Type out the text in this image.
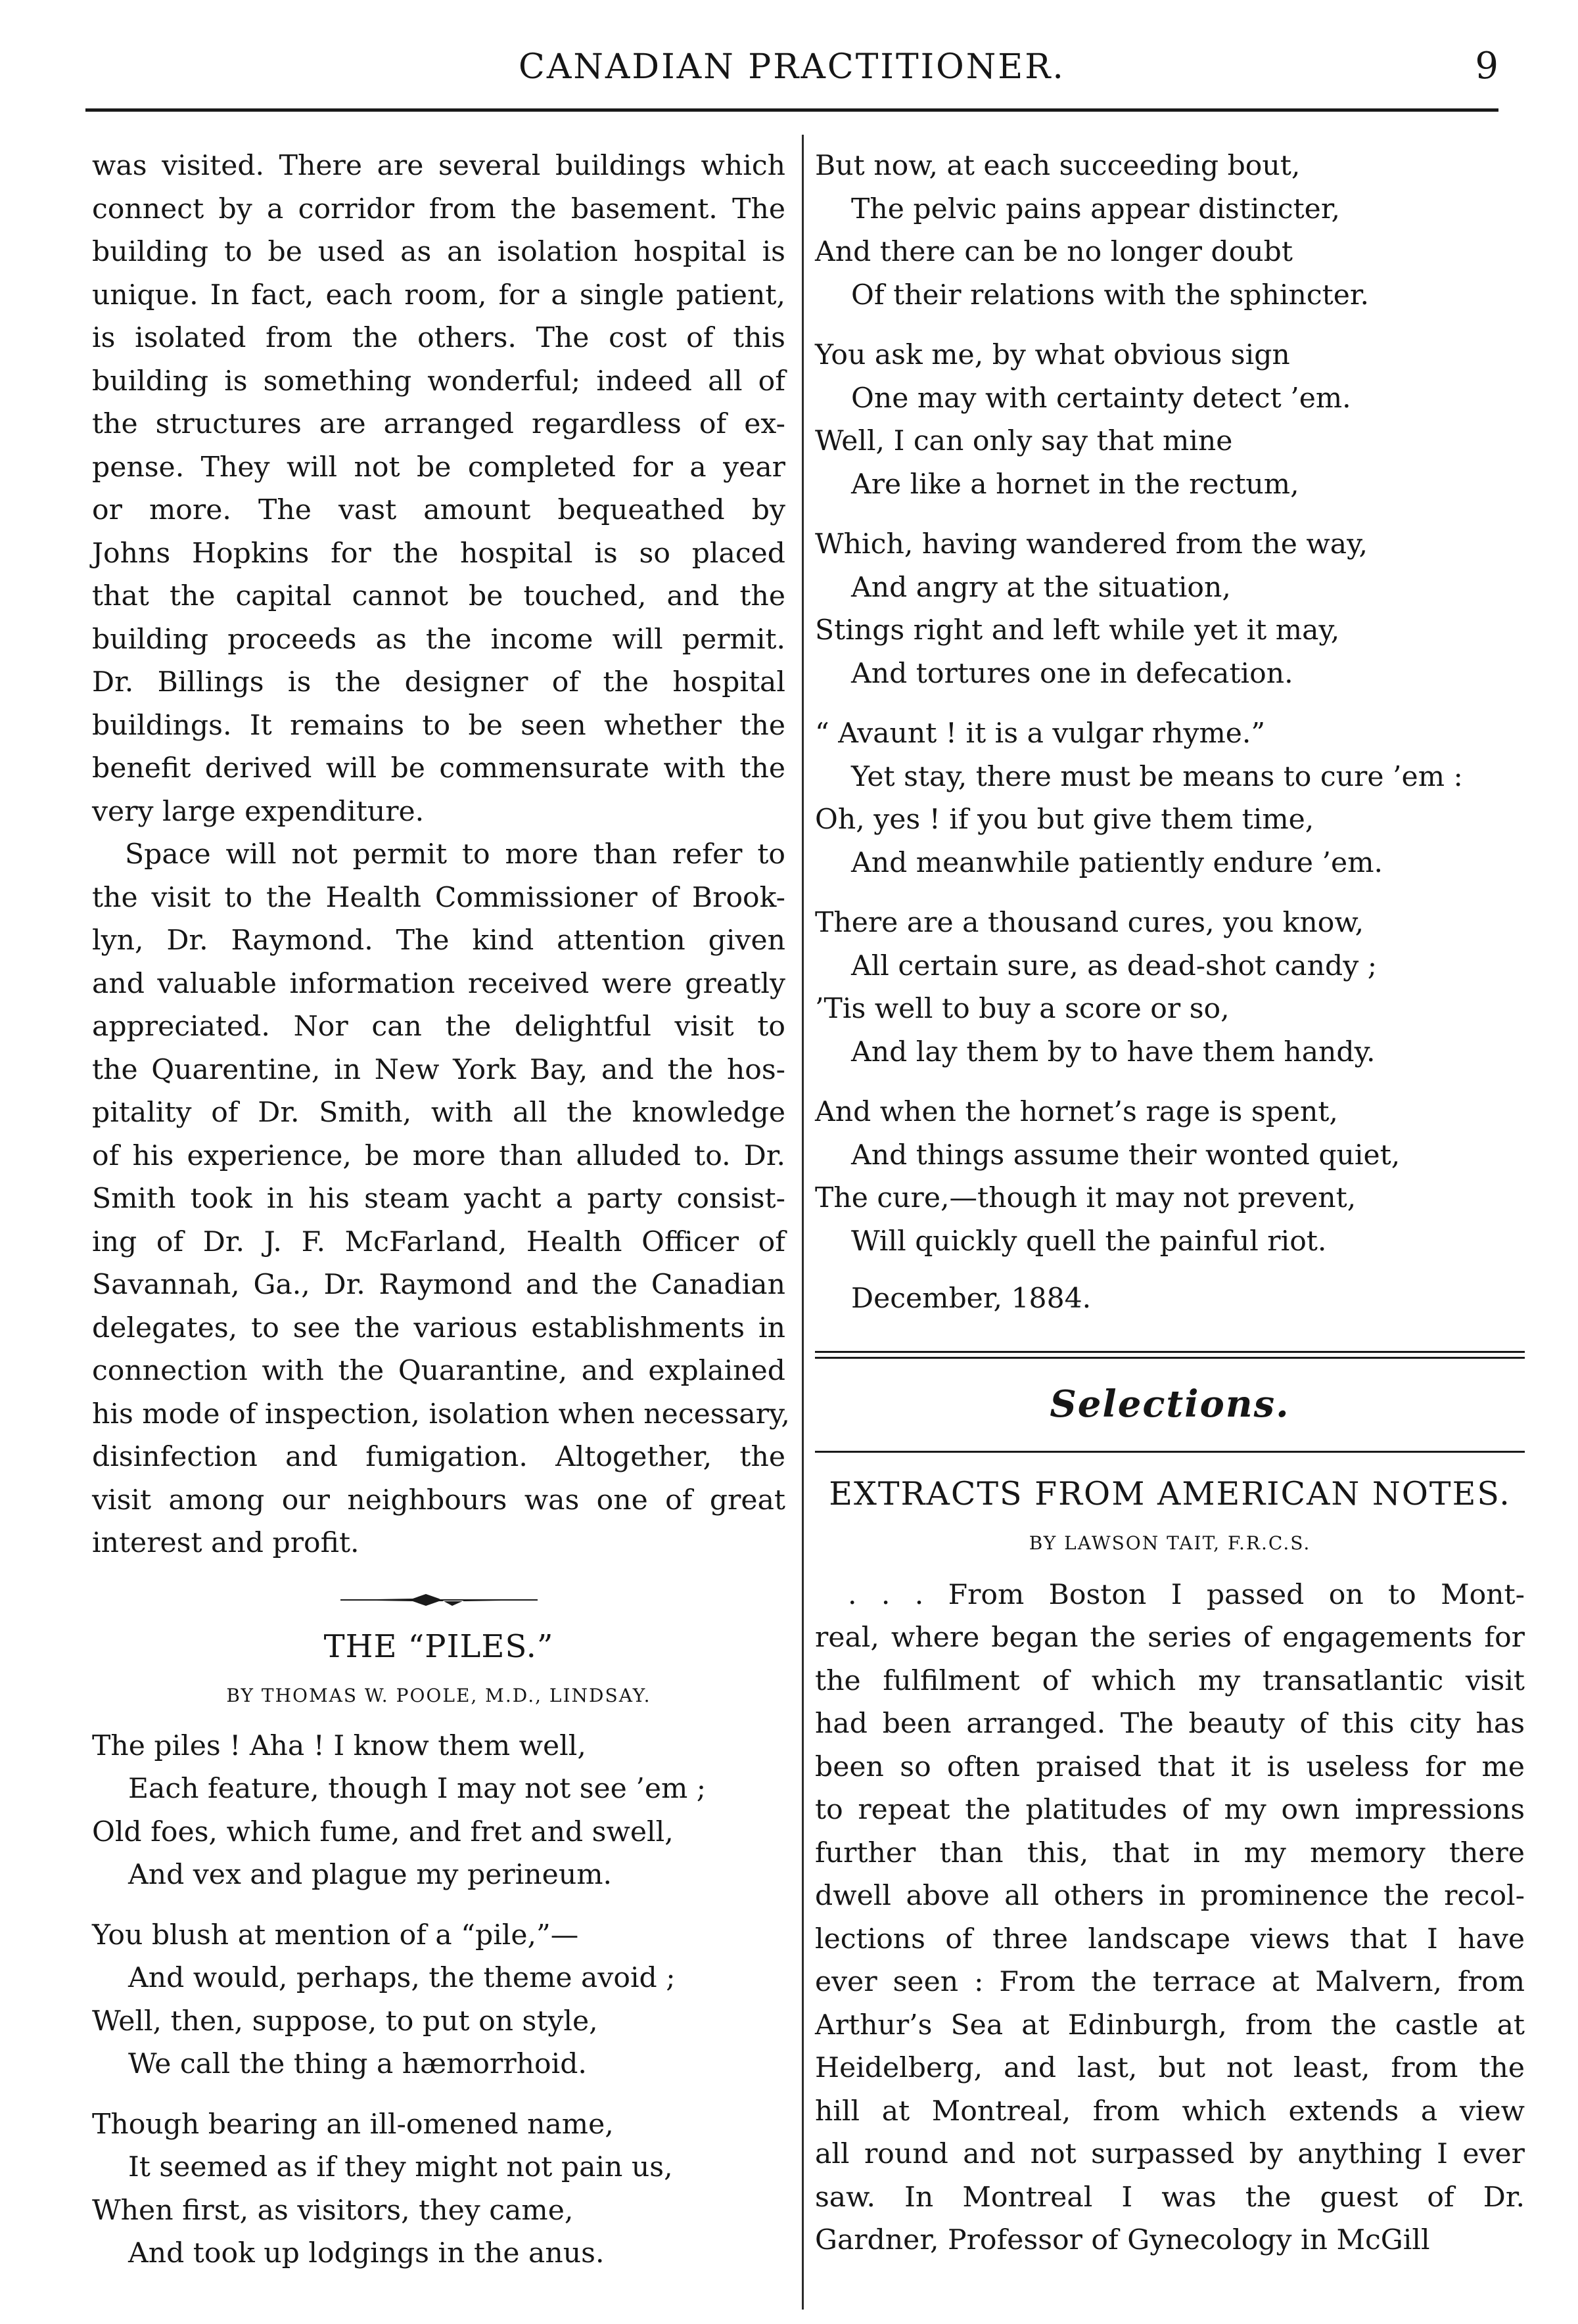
CANADIAN PRACTITIONER.	9

was visited. There are several buildings which
connect by a corridor from the basement. The
building to be used as an isolation hospital is
unique. In fact, each room, for a single patient,
is isolated from the others. The cost of this
building is something wonderful; indeed all of
the structures are arranged regardless of ex-
pense. They will not be completed for a year
or more. The vast amount bequeathed by
Johns Hopkins for the hospital is so placed
that the capital cannot be touched, and the
building proceeds as the income will permit.
Dr. Billings is the designer of the hospital
buildings. It remains to be seen whether the
benefit derived will be commensurate with the
very large expenditure.

Space will not permit to more than refer to
the visit to the Health Commissioner of Brook-
lyn, Dr. Raymond. The kind attention given
and valuable information received were greatly
appreciated. Nor can the delightful visit to
the Quarentine, in New York Bay, and the hos-
pitality of Dr. Smith, with all the knowledge
of his experience, be more than alluded to. Dr.
Smith took in his steam yacht a party consist-
ing of Dr. J. F. McFarland, Health Officer of
Savannah, Ga., Dr. Raymond and the Canadian
delegates, to see the various establishments in
connection with the Quarantine, and explained
his mode of inspection, isolation when necessary,
disinfection and fumigation. Altogether, the
visit among our neighbours was one of great
interest and profit.

THE “PILES.”
BY THOMAS W. POOLE, M.D., LINDSAY.
The piles ! Aha ! I know them well,
Each feature, though I may not see ’em ;
Old foes, which fume, and fret and swell,
And vex and plague my perineum.
You blush at mention of a “pile,”—
And would, perhaps, the theme avoid ;
Well, then, suppose, to put on style,
We call the thing a hæmorrhoid.
Though bearing an ill-omened name,
It seemed as if they might not pain us,
When first, as visitors, they came,
And took up lodgings in the anus.
But now, at each succeeding bout,
The pelvic pains appear distincter,
And there can be no longer doubt
Of their relations with the sphincter.
You ask me, by what obvious sign
One may with certainty detect ’em.
Well, I can only say that mine
Are like a hornet in the rectum,
Which, having wandered from the way,
And angry at the situation,
Stings right and left while yet it may,
And tortures one in defecation.
“ Avaunt ! it is a vulgar rhyme.”
Yet stay, there must be means to cure ’em :
Oh, yes ! if you but give them time,
And meanwhile patiently endure ’em.
There are a thousand cures, you know,
All certain sure, as dead-shot candy ;
’Tis well to buy a score or so,
And lay them by to have them handy.
And when the hornet’s rage is spent,
And things assume their wonted quiet,
The cure,—though it may not prevent,
Will quickly quell the painful riot.
December, 1884.
Selections.
EXTRACTS FROM AMERICAN NOTES.
BY LAWSON TAIT, F.R.C.S.

. . . From Boston I passed on to Mont-
real, where began the series of engagements for
the fulfilment of which my transatlantic visit
had been arranged. The beauty of this city has
been so often praised that it is useless for me
to repeat the platitudes of my own impressions
further than this, that in my memory there
dwell above all others in prominence the recol-
lections of three landscape views that I have
ever seen : From the terrace at Malvern, from
Arthur’s Sea at Edinburgh, from the castle at
Heidelberg, and last, but not least, from the
hill at Montreal, from which extends a view
all round and not surpassed by anything I ever
saw. In Montreal I was the guest of Dr.
Gardner, Professor of Gynecology in McGill
